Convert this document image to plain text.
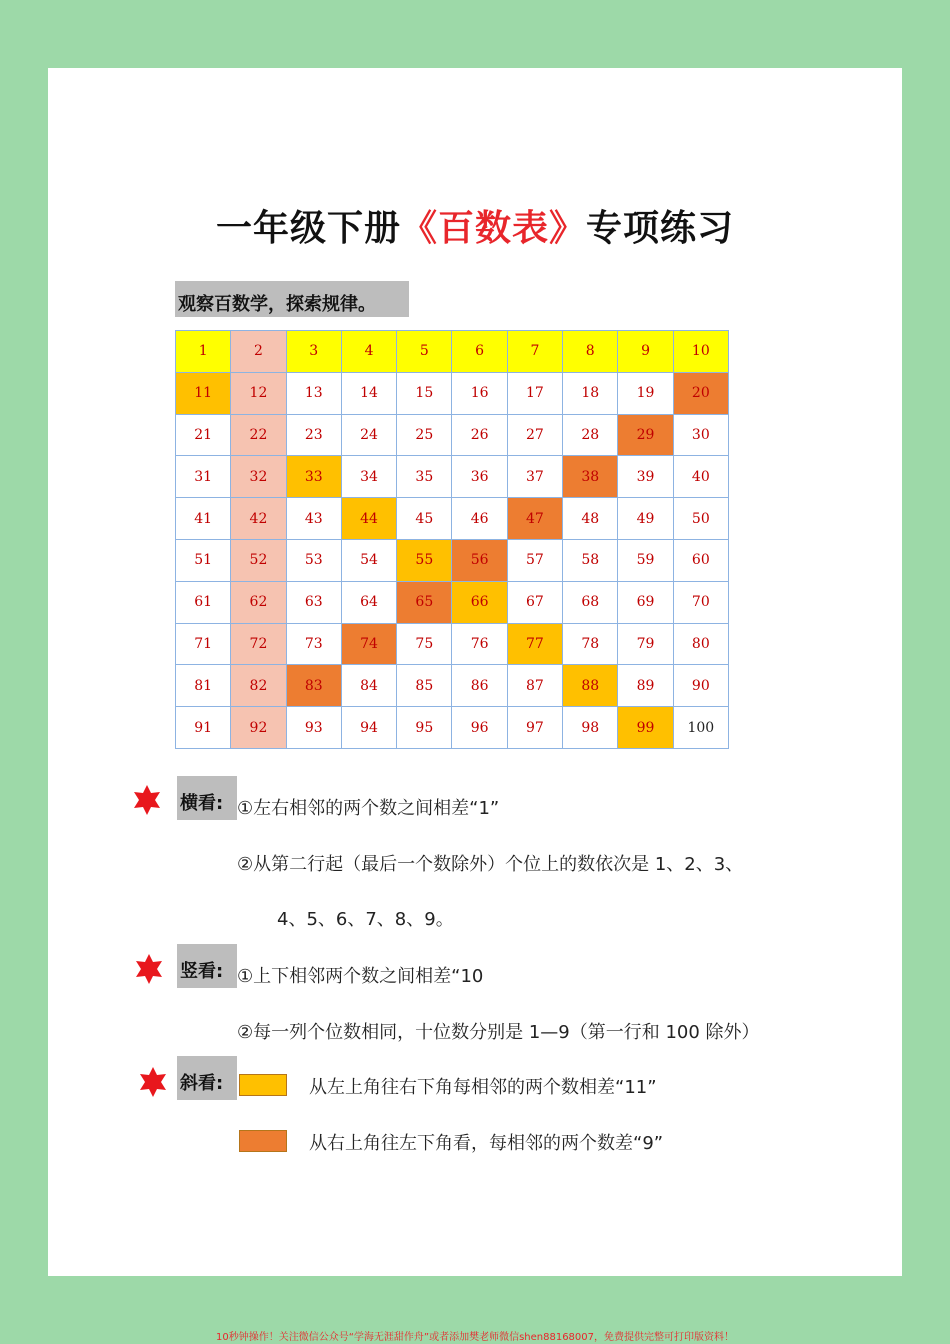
一年级下册《百数表》专项练习
观察百数学，探索规律。
1	2	3	4	5	6	7	8	9	10
11	12	13	14	15	16	17	18	19	20
21	22	23	24	25	26	27	28	29	30
31	32	33	34	35	36	37	38	39	40
41	42	43	44	45	46	47	48	49	50
51	52	53	54	55	56	57	58	59	60
61	62	63	64	65	66	67	68	69	70
71	72	73	74	75	76	77	78	79	80
81	82	83	84	85	86	87	88	89	90
91	92	93	94	95	96	97	98	99	100
横看: ①左右相邻的两个数之间相差“1”
②从第二行起（最后一个数除外）个位上的数依次是 1、2、3、
4、5、6、7、8、9。
竖看: ①上下相邻两个数之间相差“10
②每一列个位数相同，十位数分别是 1—9（第一行和 100 除外）
斜看:	从左上角往右下角每相邻的两个数相差“11”
从右上角往左下角看，每相邻的两个数差“9”
10秒钟操作！关注微信公众号“学海无涯甜作舟”或者添加樊老师微信shen88168007，免费提供完整可打印版资料！
